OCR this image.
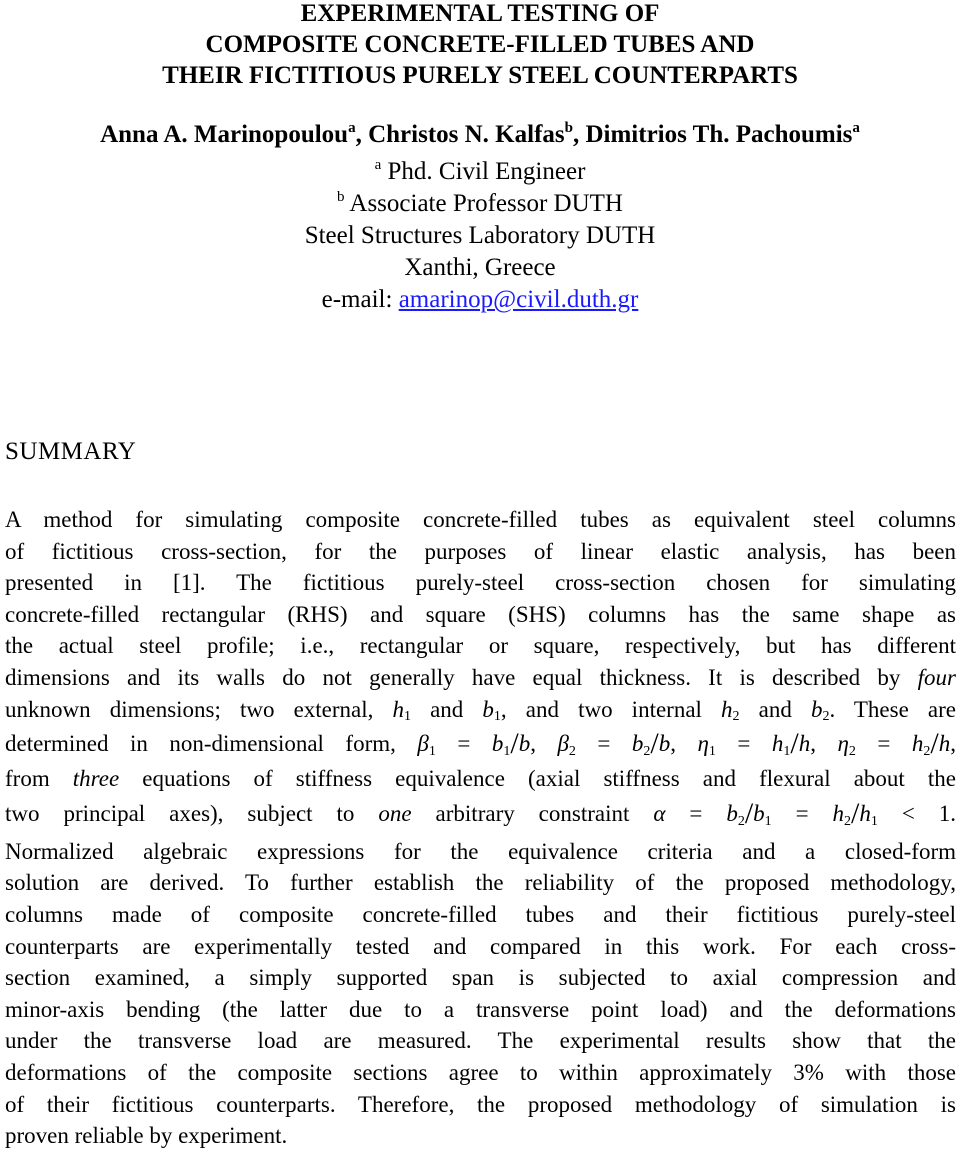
EXPERIMENTAL TESTING OF
COMPOSITE CONCRETE-FILLED TUBES AND
THEIR FICTITIOUS PURELY STEEL COUNTERPARTS
Anna A. Marinopoulou$^a$, Christos N. Kalfas$^b$, Dimitrios Th. Pachoumis$^a$
$^a$ Phd. Civil Engineer
$^b$ Associate Professor DUTH
Steel Structures Laboratory DUTH
Xanthi, Greece
e-mail: amarinop@civil.duth.gr
SUMMARY
A method for simulating composite concrete-filled tubes as equivalent steel columns
of fictitious cross-section, for the purposes of linear elastic analysis, has been
presented in [1]. The fictitious purely-steel cross-section chosen for simulating
concrete-filled rectangular (RHS) and square (SHS) columns has the same shape as
the actual steel profile; i.e., rectangular or square, respectively, but has different
dimensions and its walls do not generally have equal thickness. It is described by four
unknown dimensions; two external, $h_1$ and $b_1$, and two internal $h_2$ and $b_2$. These are
determined in non-dimensional form, $\beta_1 = b_1/b$, $\beta_2 = b_2/b$, $\eta_1 = h_1/h$, $\eta_2 = h_2/h$,
from three equations of stiffness equivalence (axial stiffness and flexural about the
two principal axes), subject to one arbitrary constraint $\alpha = b_2/b_1 = h_2/h_1 < 1$.
Normalized algebraic expressions for the equivalence criteria and a closed-form
solution are derived. To further establish the reliability of the proposed methodology,
columns made of composite concrete-filled tubes and their fictitious purely-steel
counterparts are experimentally tested and compared in this work. For each cross-
section examined, a simply supported span is subjected to axial compression and
minor-axis bending (the latter due to a transverse point load) and the deformations
under the transverse load are measured. The experimental results show that the
deformations of the composite sections agree to within approximately 3% with those
of their fictitious counterparts. Therefore, the proposed methodology of simulation is
proven reliable by experiment.
